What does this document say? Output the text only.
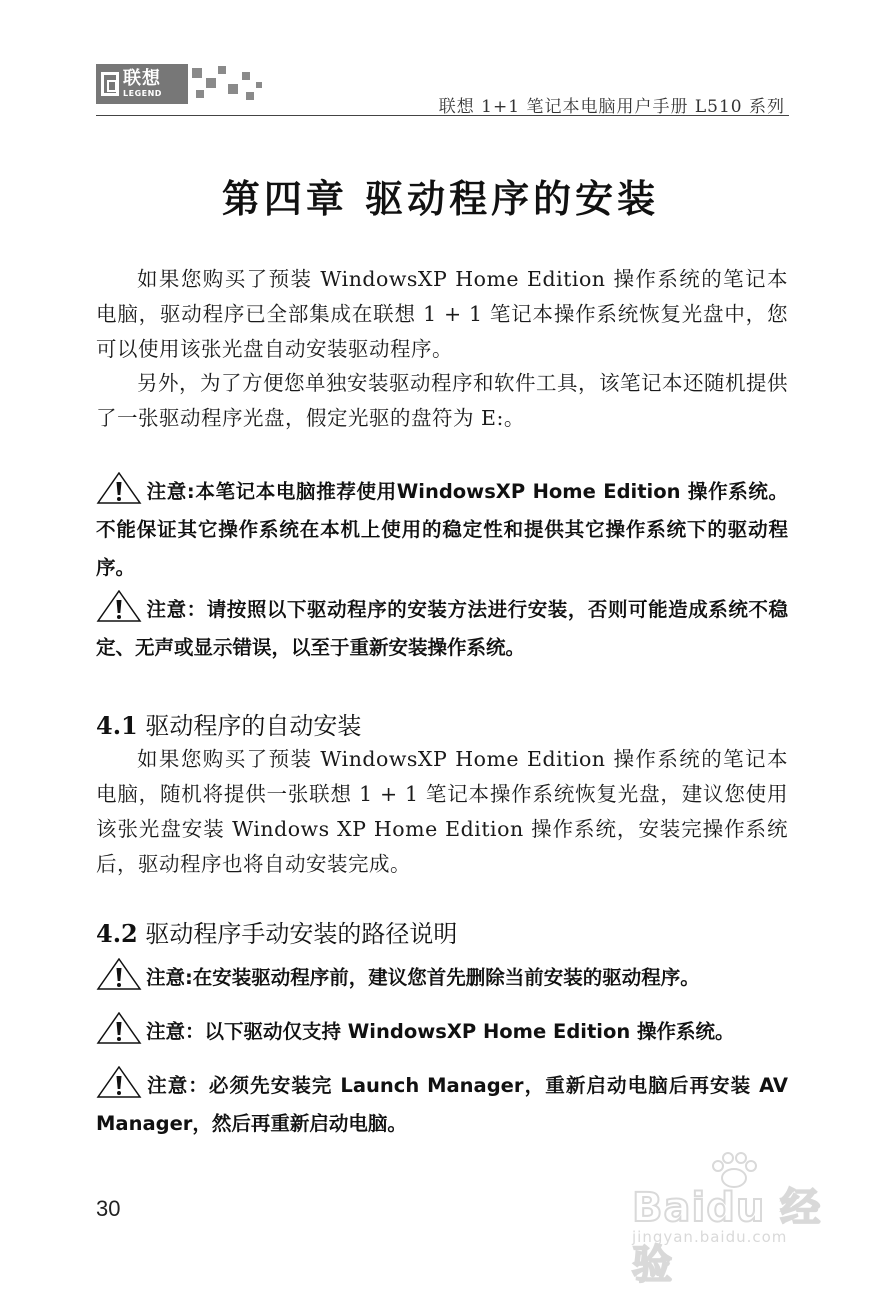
联想
LEGEND
联想 1+1 笔记本电脑用户手册 L510 系列
第四章 驱动程序的安装
如果您购买了预装 WindowsXP Home Edition 操作系统的笔记本电脑，驱动程序已全部集成在联想 1 + 1 笔记本操作系统恢复光盘中，您可以使用该张光盘自动安装驱动程序。
另外，为了方便您单独安装驱动程序和软件工具，该笔记本还随机提供了一张驱动程序光盘，假定光驱的盘符为 E:。
注意:本笔记本电脑推荐使用WindowsXP Home Edition 操作系统。不能保证其它操作系统在本机上使用的稳定性和提供其它操作系统下的驱动程序。
注意：请按照以下驱动程序的安装方法进行安装，否则可能造成系统不稳定、无声或显示错误，以至于重新安装操作系统。
4.1 驱动程序的自动安装
如果您购买了预装 WindowsXP Home Edition 操作系统的笔记本电脑，随机将提供一张联想 1 + 1 笔记本操作系统恢复光盘，建议您使用该张光盘安装 Windows XP Home Edition 操作系统，安装完操作系统后，驱动程序也将自动安装完成。
4.2 驱动程序手动安装的路径说明
注意:在安装驱动程序前，建议您首先删除当前安装的驱动程序。
注意：以下驱动仅支持 WindowsXP Home Edition 操作系统。
注意：必须先安装完 Launch Manager，重新启动电脑后再安装 AV Manager，然后再重新启动电脑。
30	Baidu 经验
jingyan.baidu.com
